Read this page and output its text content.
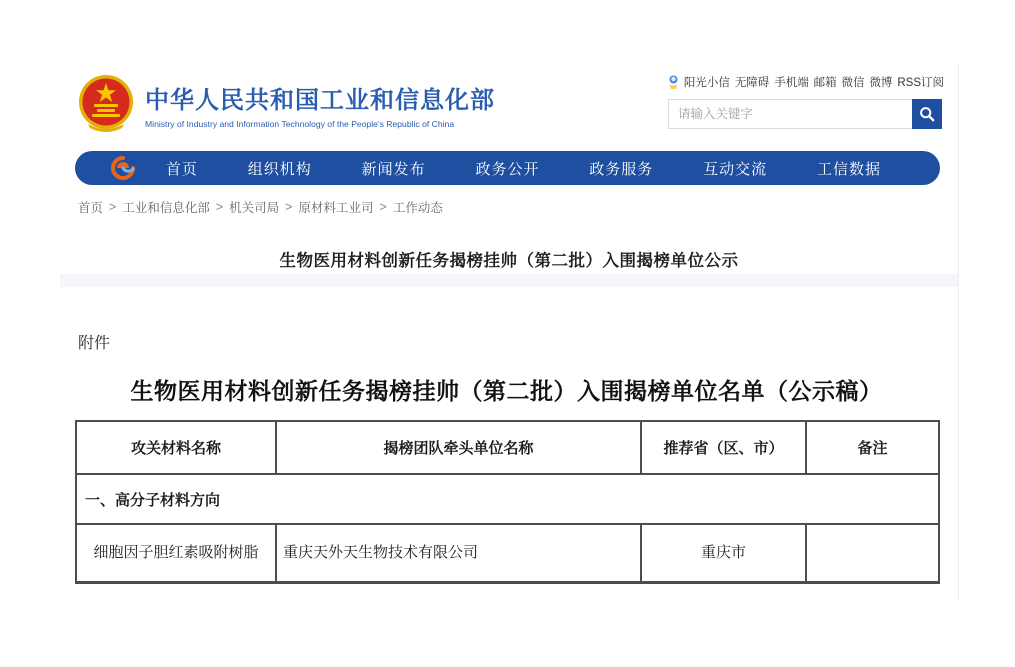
中华人民共和国工业和信息化部
Ministry of Industry and Information Technology of the People's Republic of China
阳光小信 无障碍 手机端 邮箱 微信 微博 RSS订阅
请输入关键字
首页	组织机构	新闻发布	政务公开	政务服务	互动交流	工信数据
首页 > 工业和信息化部 > 机关司局 > 原材料工业司 > 工作动态
生物医用材料创新任务揭榜挂帅（第二批）入围揭榜单位公示
附件
生物医用材料创新任务揭榜挂帅（第二批）入围揭榜单位名单（公示稿）
攻关材料名称	揭榜团队牵头单位名称	推荐省（区、市）	备注
一、高分子材料方向			
细胞因子胆红素吸附树脂	重庆天外天生物技术有限公司	重庆市	
